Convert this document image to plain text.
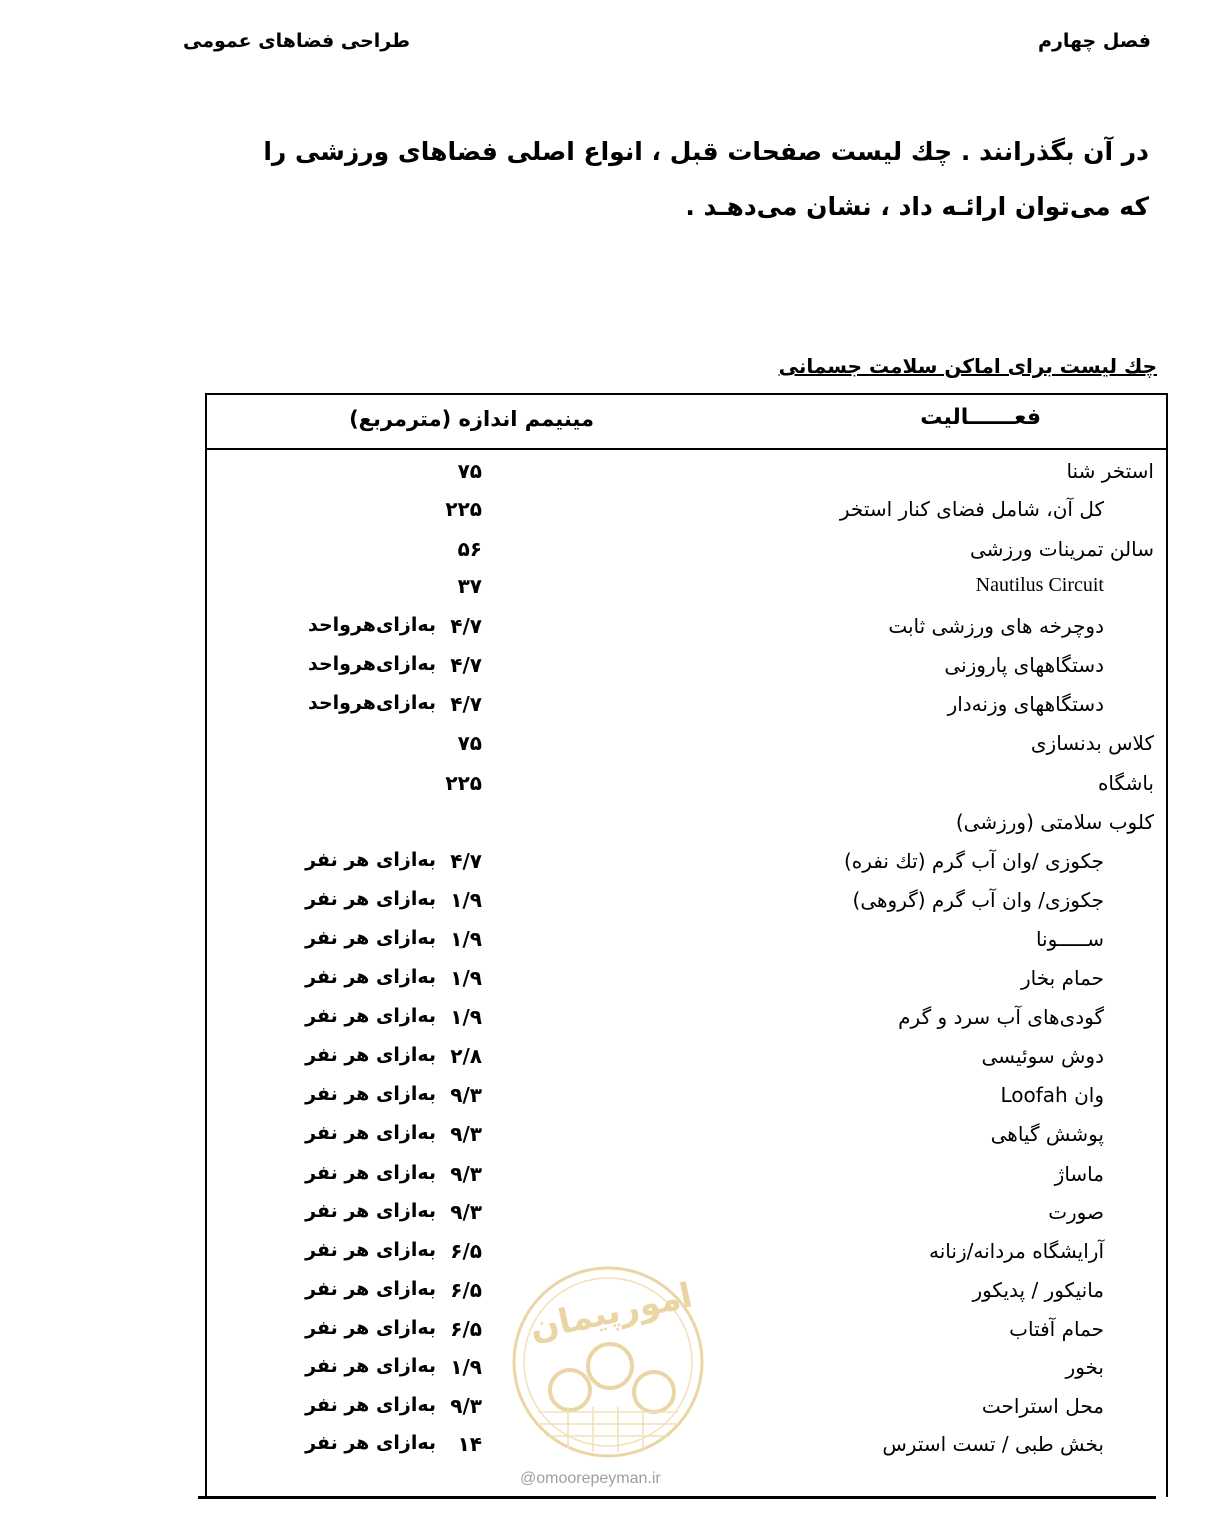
فصل چهارم
طراحی فضاهای عمومی

در آن بگذرانند . چك لیست صفحات قبل ، انواع اصلی فضاهای ورزشی را

که می‌توان ارائـه داد ، نشان می‌دهـد .

چك لیست برای اماکن سلامت جسمانی
فعــــــالیت
مینیمم اندازه (مترمربع)
استخر شنا
۷۵
کل آن، شامل فضای کنار استخر
۲۲۵
سالن تمرینات ورزشی
۵۶
Nautilus Circuit
۳۷
دوچرخه های ورزشی ثابت
۴/۷
به‌ازای‌هر‌واحد
دستگاههای پاروزنی
۴/۷
به‌ازای‌هر‌واحد
دستگاههای وزنه‌دار
۴/۷
به‌ازای‌هر‌واحد
کلاس بدنسازی
۷۵
باشگاه
۲۲۵
کلوب سلامتی (ورزشی)
جکوزی /وان آب گرم (تك نفره)
۴/۷
به‌ازای هر نفر
جکوزی/ وان آب گرم (گروهی)
۱/۹
به‌ازای هر نفر
ســـــونا
۱/۹
به‌ازای هر نفر
حمام بخار
۱/۹
به‌ازای هر نفر
گودی‌های آب سرد و گرم
۱/۹
به‌ازای هر نفر
دوش سوئیسی
۲/۸
به‌ازای هر نفر
وان Loofah
۹/۳
به‌ازای هر نفر
پوشش گیاهی
۹/۳
به‌ازای هر نفر
ماساژ
۹/۳
به‌ازای هر نفر
صورت
۹/۳
به‌ازای هر نفر
آرایشگاه مردانه/زنانه
۶/۵
به‌ازای هر نفر
مانیکور / پدیکور
۶/۵
به‌ازای هر نفر
حمام آفتاب
۶/۵
به‌ازای هر نفر
بخور
۱/۹
به‌ازای هر نفر
محل استراحت
۹/۳
به‌ازای هر نفر
بخش طبی / تست استرس
۱۴
به‌ازای هر نفر
امورپیمان
@omoorepeyman.ir
